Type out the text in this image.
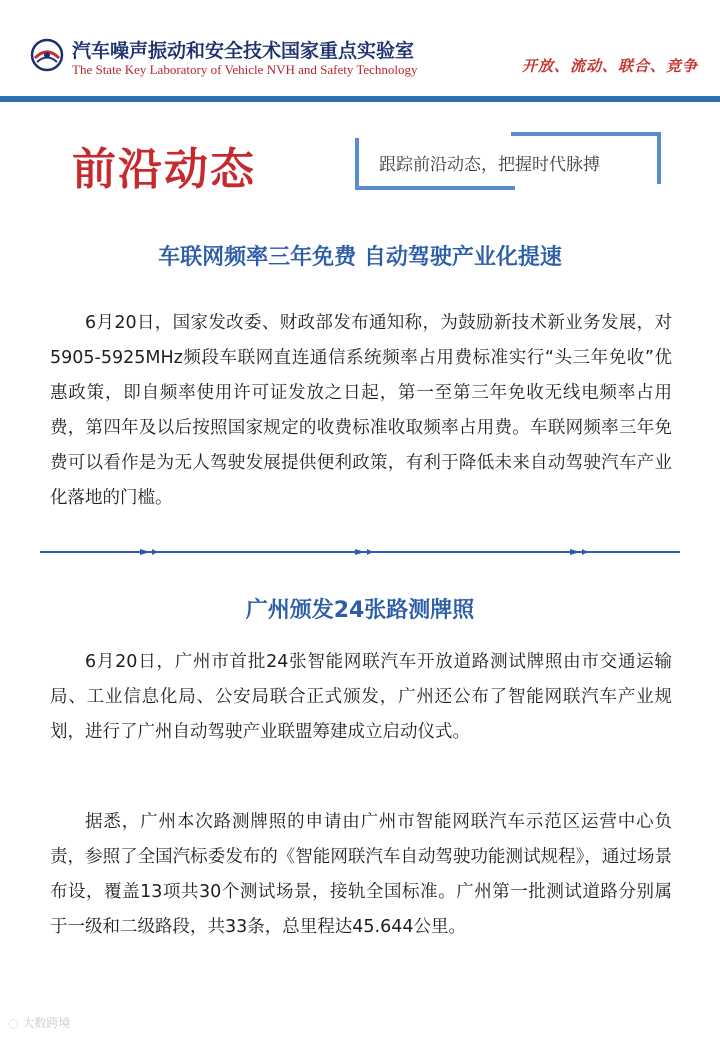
汽车噪声振动和安全技术国家重点实验室
The State Key Laboratory of Vehicle NVH and Safety Technology	开放、流动、联合、竞争
前沿动态	跟踪前沿动态，把握时代脉搏
车联网频率三年免费 自动驾驶产业化提速

6月20日，国家发改委、财政部发布通知称，为鼓励新技术新业务发展，对5905-5925MHz频段车联网直连通信系统频率占用费标准实行“头三年免收”优惠政策，即自频率使用许可证发放之日起，第一至第三年免收无线电频率占用费，第四年及以后按照国家规定的收费标准收取频率占用费。车联网频率三年免费可以看作是为无人驾驶发展提供便利政策，有利于降低未来自动驾驶汽车产业化落地的门槛。

广州颁发24张路测牌照

6月20日，广州市首批24张智能网联汽车开放道路测试牌照由市交通运输局、工业信息化局、公安局联合正式颁发，广州还公布了智能网联汽车产业规划，进行了广州自动驾驶产业联盟筹建成立启动仪式。

据悉，广州本次路测牌照的申请由广州市智能网联汽车示范区运营中心负责，参照了全国汽标委发布的《智能网联汽车自动驾驶功能测试规程》，通过场景布设，覆盖13项共30个测试场景，接轨全国标准。广州第一批测试道路分别属于一级和二级路段，共33条，总里程达45.644公里。

◌ 大数跨境
